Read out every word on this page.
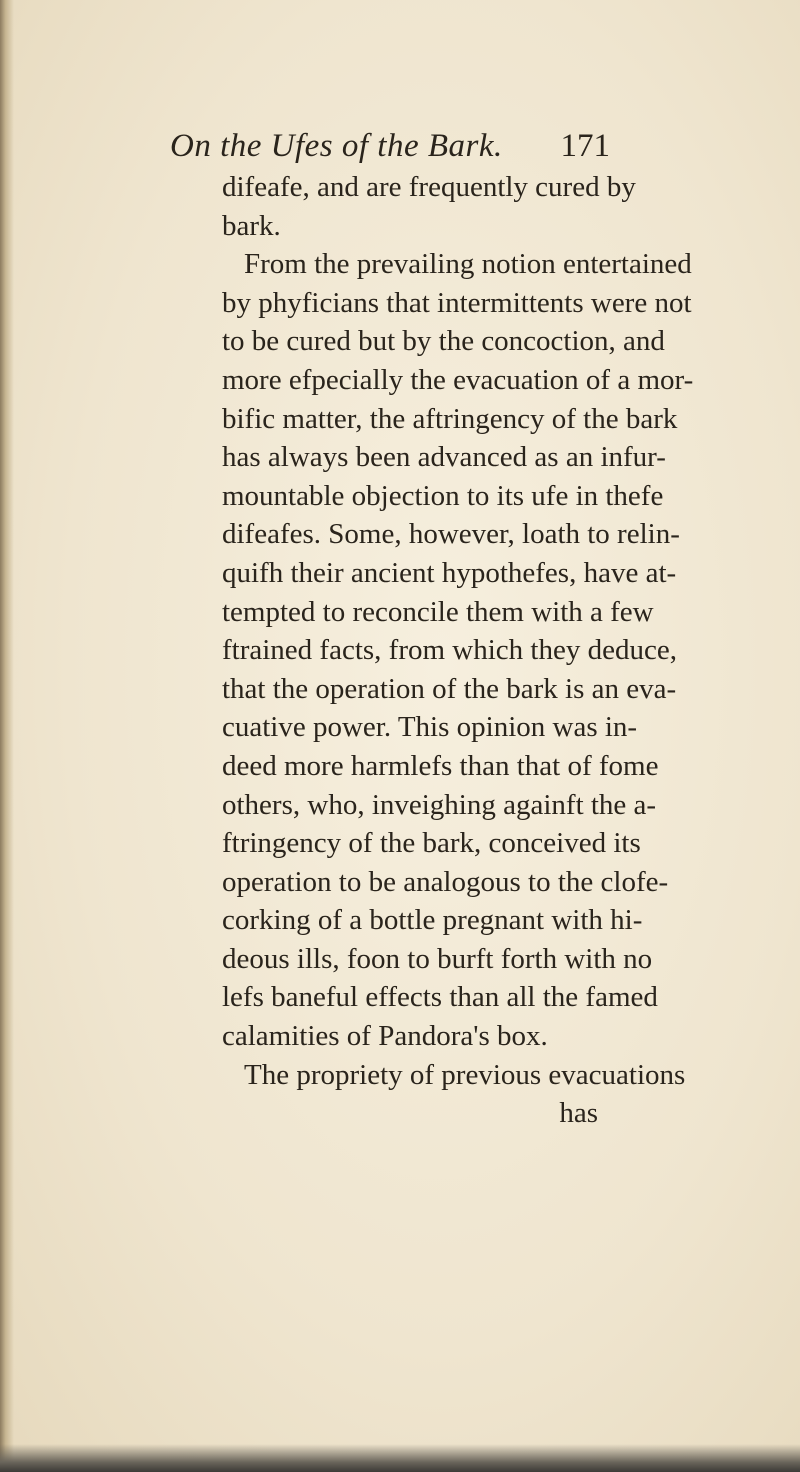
On the Ufes of the Bark. 171
difeafe, and are frequently cured by
bark.
From the prevailing notion entertained
by phyficians that intermittents were not
to be cured but by the concoction, and
more efpecially the evacuation of a mor-
bific matter, the aftringency of the bark
has always been advanced as an infur-
mountable objection to its ufe in thefe
difeafes. Some, however, loath to relin-
quifh their ancient hypothefes, have at-
tempted to reconcile them with a few
ftrained facts, from which they deduce,
that the operation of the bark is an eva-
cuative power. This opinion was in-
deed more harmlefs than that of fome
others, who, inveighing againft the a-
ftringency of the bark, conceived its
operation to be analogous to the clofe-
corking of a bottle pregnant with hi-
deous ills, foon to burft forth with no
lefs baneful effects than all the famed
calamities of Pandora's box.
The propriety of previous evacuations
has
